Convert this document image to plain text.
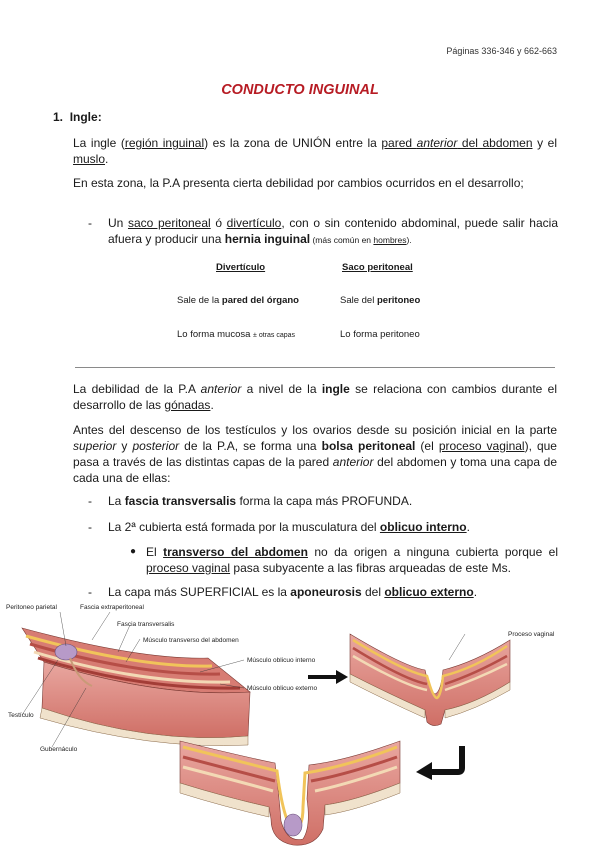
Páginas 336-346 y 662-663
CONDUCTO INGUINAL
1. Ingle:
La ingle (región inguinal) es la zona de UNIÓN entre la pared anterior del abdomen y el muslo.
En esta zona, la P.A presenta cierta debilidad por cambios ocurridos en el desarrollo;
- Un saco peritoneal ó divertículo, con o sin contenido abdominal, puede salir hacia afuera y producir una hernia inguinal (más común en hombres).
Divertículo	Saco peritoneal
Sale de la pared del órgano	Sale del peritoneo
Lo forma mucosa ± otras capas	Lo forma peritoneo
La debilidad de la P.A anterior a nivel de la ingle se relaciona con cambios durante el desarrollo de las gónadas.
Antes del descenso de los testículos y los ovarios desde su posición inicial en la parte superior y posterior de la P.A, se forma una bolsa peritoneal (el proceso vaginal), que pasa a través de las distintas capas de la pared anterior del abdomen y toma una capa de cada una de ellas:
- La fascia transversalis forma la capa más PROFUNDA.
- La 2ª cubierta está formada por la musculatura del oblicuo interno.
● El transverso del abdomen no da origen a ninguna cubierta porque el proceso vaginal pasa subyacente a las fibras arqueadas de este Ms.
- La capa más SUPERFICIAL es la aponeurosis del oblicuo externo.
Peritoneo parietal	Fascia extraperitoneal
Fascia transversalis
Músculo transverso del abdomen
Músculo oblicuo interno
Músculo oblicuo externo
Testículo
Gubernáculo
Proceso vaginal
